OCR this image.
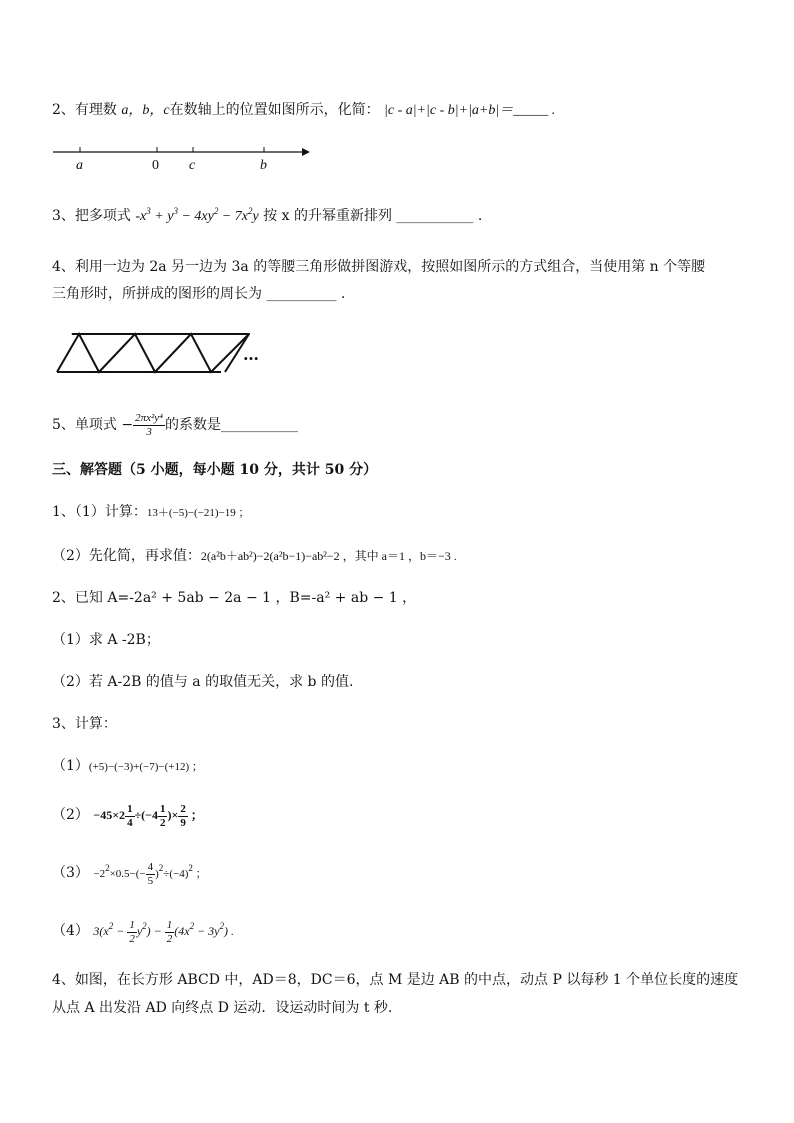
2、有理数 a，b，c在数轴上的位置如图所示，化简： |c - a|+|c - b|+|a+b|＝_____ .
a	0 c	b
3、把多项式 $-x^3 + y^3 - 4xy^2 - 7x^2y$ 按 x 的升幂重新排列 ___________ .
4、利用一边为 2a 另一边为 3a 的等腰三角形做拼图游戏，按照如图所示的方式组合，当使用第 n 个等腰
三角形时，所拼成的图形的周长为 __________ .
…
5、单项式 − $\frac{\text{2πx²y⁴}}{3}$ 的系数是___________
三、解答题（5 小题，每小题 10 分，共计 50 分）
1、（1）计算：13＋(−5)−(−21)−19 ；
（2）先化简，再求值：2(a²b＋ab²)−2(a²b−1)−ab²−2 ，其中 a＝1 ，b＝−3 .
2、已知 A=-2a² + 5ab − 2a − 1 ，B=-a² + ab − 1 ，
（1）求 A -2B；
（2）若 A-2B 的值与 a 的取值无关，求 b 的值.
3、计算：
（1）(+5)−(−3)+(−7)−(+12) ；
$(2) -45\times 2 \frac{1}{4} \div(-4 \frac{1}{2}$ )× $\frac{2}{9}$ ；
$(3) -2^2\times 0.5-(- \frac{4}{5} )^2\div(-4)^2$ ；
（4） $3(x^2 - \frac{1}{2} y^2) - \frac{1}{2} (4x^2 - 3y^2)$ .
4、如图，在长方形 ABCD 中，AD＝8，DC＝6，点 M 是边 AB 的中点，动点 P 以每秒 1 个单位长度的速度
从点 A 出发沿 AD 向终点 D 运动．设运动时间为 t 秒.
